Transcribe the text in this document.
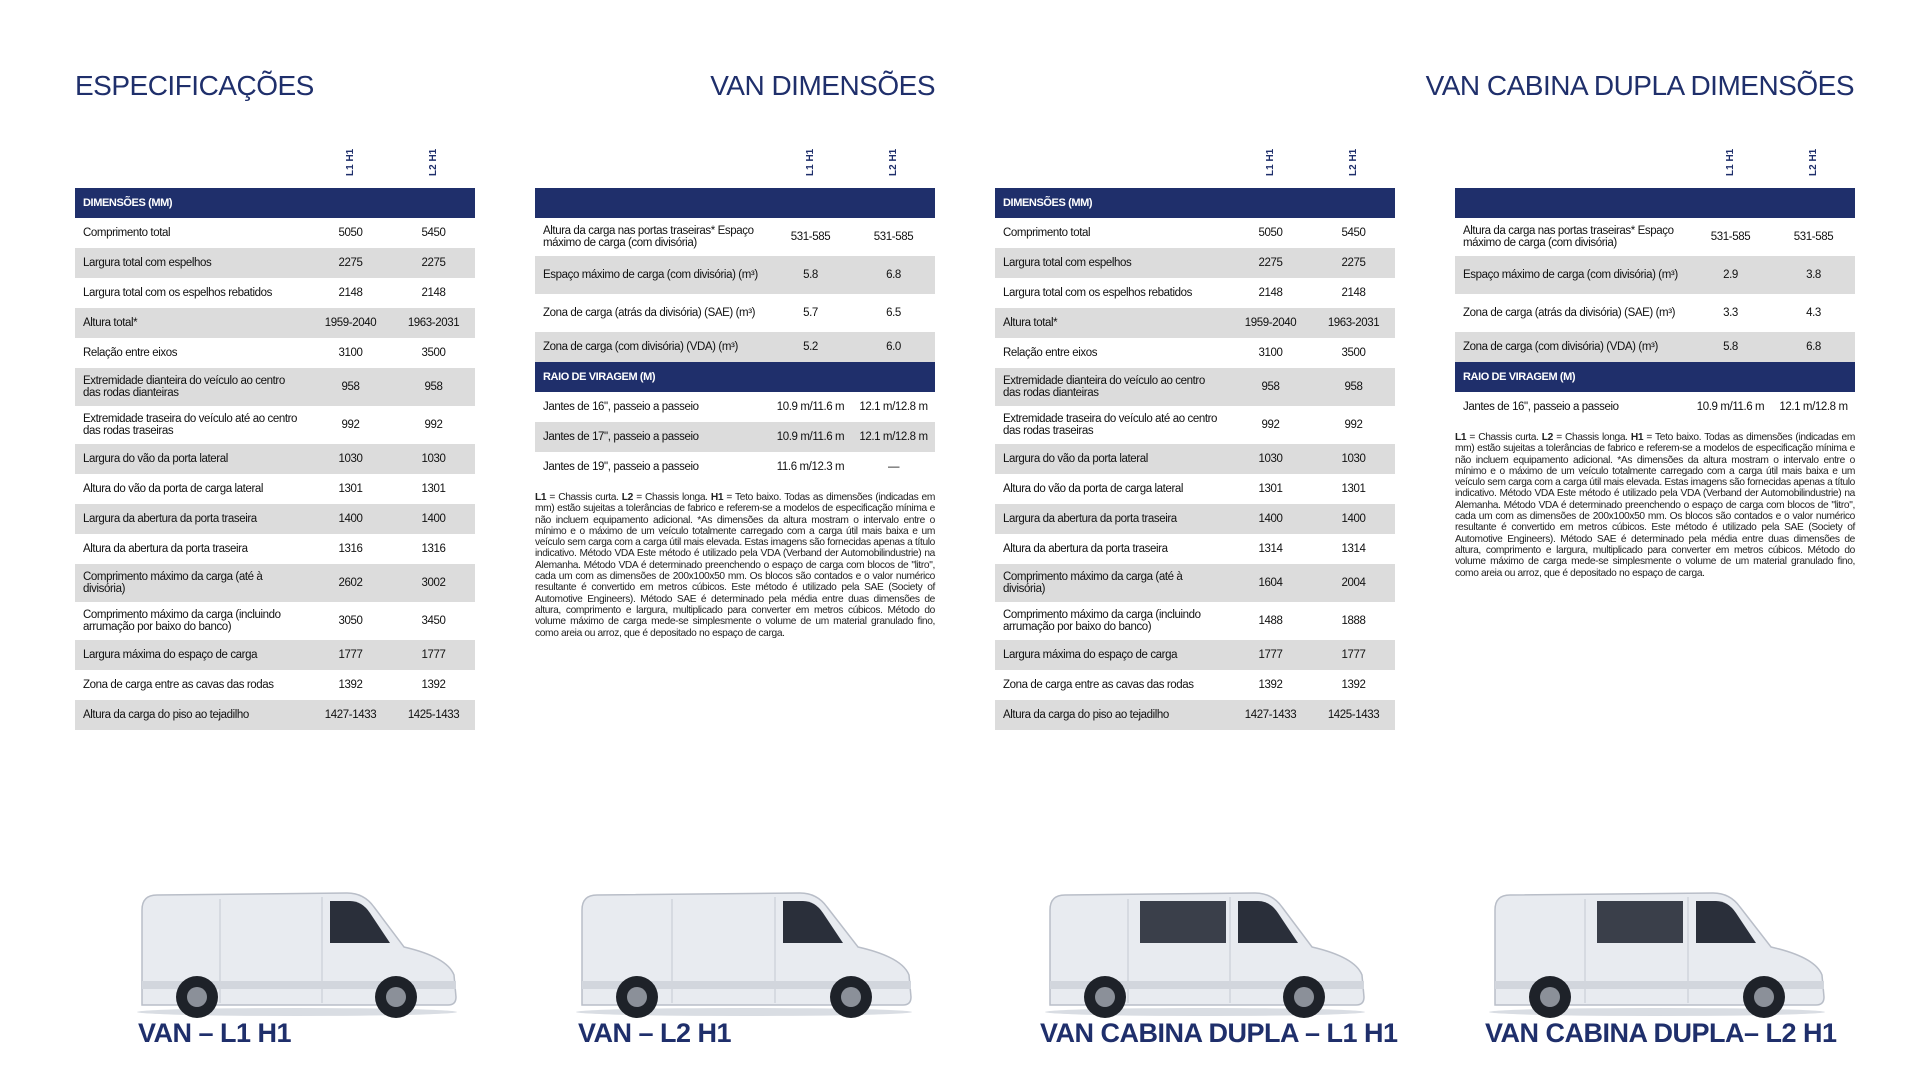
ESPECIFICAÇÕES	VAN DIMENSÕES	VAN CABINA DUPLA DIMENSÕES
L1 H1	L2 H1
DIMENSÕES (MM)		
Comprimento total	5050	5450
Largura total com espelhos	2275	2275
Largura total com os espelhos rebatidos	2148	2148
Altura total*	1959-2040	1963-2031
Relação entre eixos	3100	3500
Extremidade dianteira do veículo ao centro das rodas dianteiras	958	958
Extremidade traseira do veículo até ao centro das rodas traseiras	992	992
Largura do vão da porta lateral	1030	1030
Altura do vão da porta de carga lateral	1301	1301
Largura da abertura da porta traseira	1400	1400
Altura da abertura da porta traseira	1316	1316
Comprimento máximo da carga (até à divisória)	2602	3002
Comprimento máximo da carga (incluindo arrumação por baixo do banco)	3050	3450
Largura máxima do espaço de carga	1777	1777
Zona de carga entre as cavas das rodas	1392	1392
Altura da carga do piso ao tejadilho	1427-1433	1425-1433
L1 H1	L2 H1

Altura da carga nas portas traseiras* Espaço máximo de carga (com divisória)	531-585	531-585
Espaço máximo de carga (com divisória) (m³)	5.8	6.8
Zona de carga (atrás da divisória) (SAE) (m³)	5.7	6.5
Zona de carga (com divisória) (VDA) (m³)	5.2	6.0
RAIO DE VIRAGEM (M)		
Jantes de 16", passeio a passeio	10.9 m/11.6 m	12.1 m/12.8 m
Jantes de 17", passeio a passeio	10.9 m/11.6 m	12.1 m/12.8 m
Jantes de 19", passeio a passeio	11.6 m/12.3 m	—
L1 = Chassis curta. L2 = Chassis longa. H1 = Teto baixo. Todas as dimensões (indicadas em mm) estão sujeitas a tolerâncias de fabrico e referem-se a modelos de especificação mínima e não incluem equipamento adicional. *As dimensões da altura mostram o intervalo entre o mínimo e o máximo de um veículo totalmente carregado com a carga útil mais baixa e um veículo sem carga com a carga útil mais elevada. Estas imagens são fornecidas apenas a título indicativo. Método VDA Este método é utilizado pela VDA (Verband der Automobilindustrie) na Alemanha. Método VDA é determinado preenchendo o espaço de carga com blocos de "litro", cada um com as dimensões de 200x100x50 mm. Os blocos são contados e o valor numérico resultante é convertido em metros cúbicos. Este método é utilizado pela SAE (Society of Automotive Engineers). Método SAE é determinado pela média entre duas dimensões de altura, comprimento e largura, multiplicado para converter em metros cúbicos. Método do volume máximo de carga mede-se simplesmente o volume de um material granulado fino, como areia ou arroz, que é depositado no espaço de carga.
L1 H1	L2 H1
DIMENSÕES (MM)		
Comprimento total	5050	5450
Largura total com espelhos	2275	2275
Largura total com os espelhos rebatidos	2148	2148
Altura total*	1959-2040	1963-2031
Relação entre eixos	3100	3500
Extremidade dianteira do veículo ao centro das rodas dianteiras	958	958
Extremidade traseira do veículo até ao centro das rodas traseiras	992	992
Largura do vão da porta lateral	1030	1030
Altura do vão da porta de carga lateral	1301	1301
Largura da abertura da porta traseira	1400	1400
Altura da abertura da porta traseira	1314	1314
Comprimento máximo da carga (até à divisória)	1604	2004
Comprimento máximo da carga (incluindo arrumação por baixo do banco)	1488	1888
Largura máxima do espaço de carga	1777	1777
Zona de carga entre as cavas das rodas	1392	1392
Altura da carga do piso ao tejadilho	1427-1433	1425-1433
L1 H1	L2 H1

Altura da carga nas portas traseiras* Espaço máximo de carga (com divisória)	531-585	531-585
Espaço máximo de carga (com divisória) (m³)	2.9	3.8
Zona de carga (atrás da divisória) (SAE) (m³)	3.3	4.3
Zona de carga (com divisória) (VDA) (m³)	5.8	6.8
RAIO DE VIRAGEM (M)		
Jantes de 16", passeio a passeio	10.9 m/11.6 m	12.1 m/12.8 m
L1 = Chassis curta. L2 = Chassis longa. H1 = Teto baixo. Todas as dimensões (indicadas em mm) estão sujeitas a tolerâncias de fabrico e referem-se a modelos de especificação mínima e não incluem equipamento adicional. *As dimensões da altura mostram o intervalo entre o mínimo e o máximo de um veículo totalmente carregado com a carga útil mais baixa e um veículo sem carga com a carga útil mais elevada. Estas imagens são fornecidas apenas a título indicativo. Método VDA Este método é utilizado pela VDA (Verband der Automobilindustrie) na Alemanha. Método VDA é determinado preenchendo o espaço de carga com blocos de "litro", cada um com as dimensões de 200x100x50 mm. Os blocos são contados e o valor numérico resultante é convertido em metros cúbicos. Este método é utilizado pela SAE (Society of Automotive Engineers). Método SAE é determinado pela média entre duas dimensões de altura, comprimento e largura, multiplicado para converter em metros cúbicos. Método do volume máximo de carga mede-se simplesmente o volume de um material granulado fino, como areia ou arroz, que é depositado no espaço de carga.
VAN – L1 H1	VAN – L2 H1	VAN CABINA DUPLA – L1 H1	VAN CABINA DUPLA– L2 H1
